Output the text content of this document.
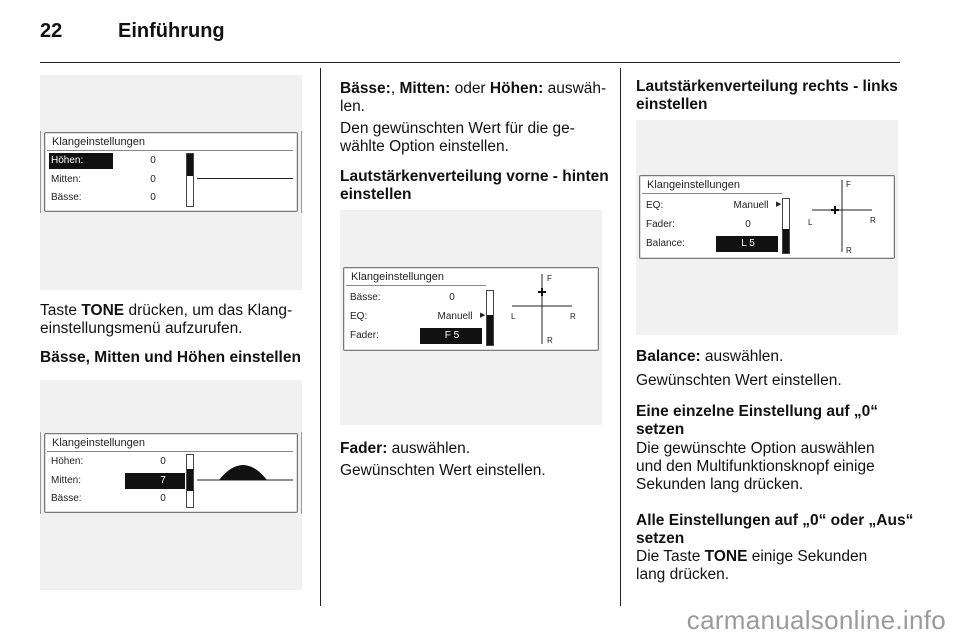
22	Einführung
Klangeinstellungen
Höhen:	0
Mitten:	0
Bässe:	0
Taste TONE drücken, um das Klang-
einstellungsmenü aufzurufen.
Bässe, Mitten und Höhen einstellen
Klangeinstellungen
Höhen:	0
Mitten:	7
Bässe:	0
Bässe:, Mitten: oder Höhen: auswäh-
len.
Den gewünschten Wert für die ge-
wählte Option einstellen.
Lautstärkenverteilung vorne - hinten
einstellen
Klangeinstellungen
Bässe:	0
EQ:	Manuell	▶
Fader:	F 5
F
L	R
R
Fader: auswählen.
Gewünschten Wert einstellen.
Lautstärkenverteilung rechts - links
einstellen
Klangeinstellungen
EQ:	Manuell	▶
Fader:	0
Balance:	L 5
F
L	R
R
Balance: auswählen.
Gewünschten Wert einstellen.
Eine einzelne Einstellung auf „0“
setzen
Die gewünschte Option auswählen
und den Multifunktionsknopf einige
Sekunden lang drücken.
Alle Einstellungen auf „0“ oder „Aus“
setzen
Die Taste TONE einige Sekunden
lang drücken.
carmanualsonline.info
